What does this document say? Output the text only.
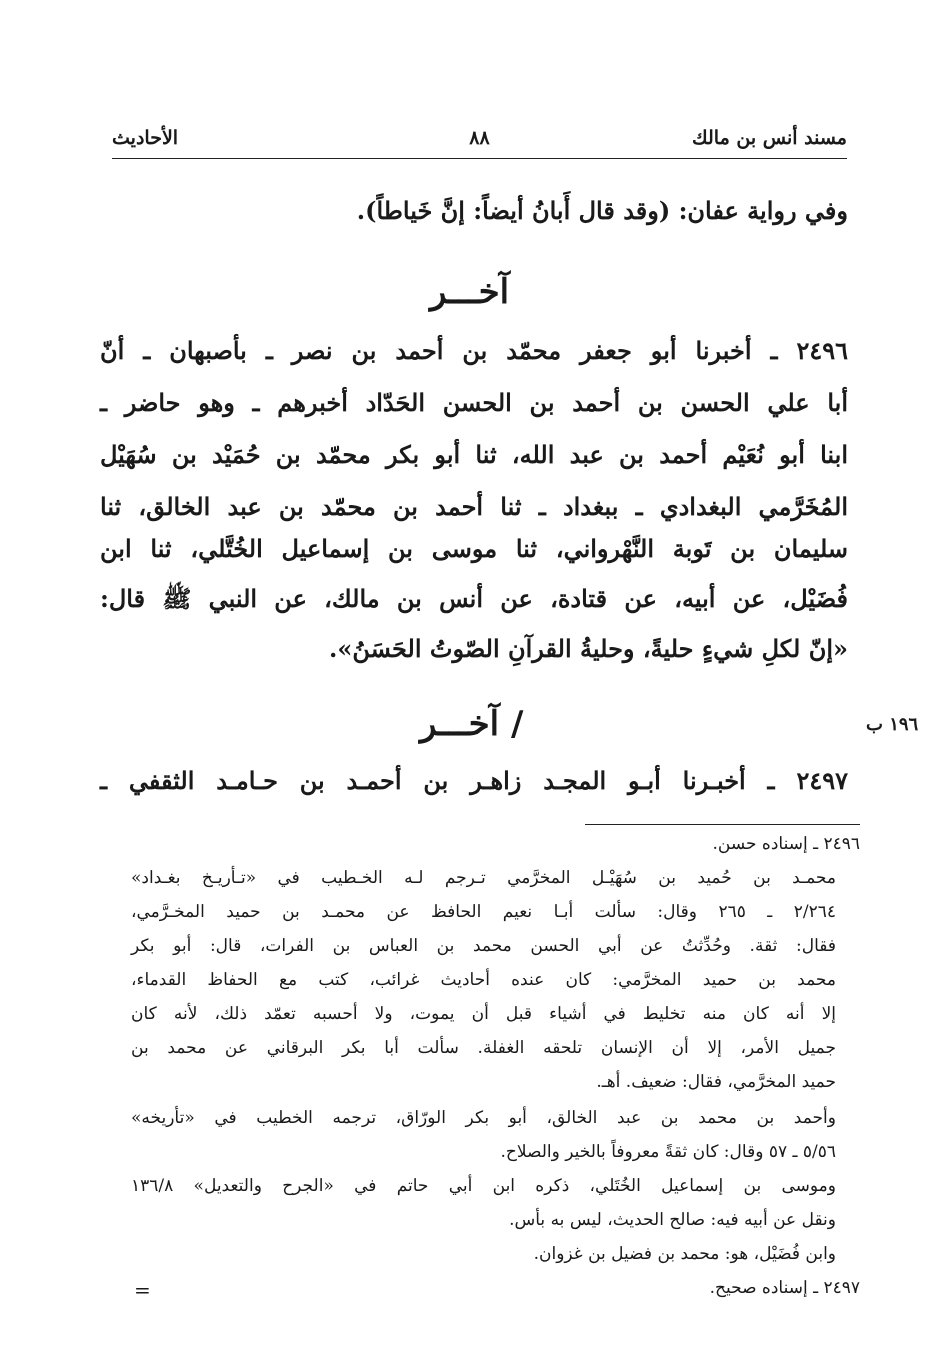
مسند أنس بن مالك
٨٨
الأحاديث
وفي رواية عفان: (وقد قال أَبانُ أيضاً: إنَّ خَياطاً).
آخـــر
٢٤٩٦ ـ أخبرنا أبو جعفر محمّد بن أحمد بن نصر ـ بأصبهان ـ أنّ
أبا علي الحسن بن أحمد بن الحسن الحَدّاد أخبرهم ـ وهو حاضر ـ
ابنا أبو نُعَيْم أحمد بن عبد الله، ثنا أبو بكر محمّد بن حُمَيْد بن سُهَيْل
المُخَرَّمي البغدادي ـ ببغداد ـ ثنا أحمد بن محمّد بن عبد الخالق، ثنا
سليمان بن تَوبة النَّهْرواني، ثنا موسى بن إسماعيل الخُتَّلي، ثنا ابن
فُضَيْل، عن أبيه، عن قتادة، عن أنس بن مالك، عن النبي ﷺ قال:
«إنّ لكلِ شيءٍ حليةً، وحليةُ القرآنِ الصّوتُ الحَسَنُ».
/ آخـــر	١٩٦ ب
٢٤٩٧ ـ أخبـرنا أبـو المجـد زاهـر بن أحمـد بن حـامـد الثقفي ـ
٢٤٩٦ ـ إسناده حسن.
محمـد بن حُميد بن سُهَيْـل المخرَّمي تـرجم لـه الخـطيب في «تـأريـخ بغـداد»
٢/٢٦٤ ـ ٢٦٥ وقال: سألت أبـا نعيم الحافظ عن محمـد بن حميد المخـرَّمي،
فقال: ثقة. وحُدِّثتُ عن أبي الحسن محمد بن العباس بن الفرات، قال: أبو بكر
محمد بن حميد المخرَّمي: كان عنده أحاديث غرائب، كتب مع الحفاظ القدماء،
إلا أنه كان منه تخليط في أشياء قبل أن يموت، ولا أحسبه تعمّد ذلك، لأنه كان
جميل الأمر، إلا أن الإنسان تلحقه الغفلة. سألت أبا بكر البرقاني عن محمد بن
حميد المخرَّمي، فقال: ضعيف. أهـ.
وأحمد بن محمد بن عبد الخالق، أبو بكر الورّاق، ترجمه الخطيب في «تأريخه»
٥/٥٦ ـ ٥٧ وقال: كان ثقةً معروفاً بالخير والصلاح.
وموسى بن إسماعيل الخُتَلي، ذكره ابن أبي حاتم في «الجرح والتعديل» ١٣٦/٨
ونقل عن أبيه فيه: صالح الحديث، ليس به بأس.
وابن فُضَيْل، هو: محمد بن فضيل بن غزوان.
٢٤٩٧ ـ إسناده صحيح.
=
